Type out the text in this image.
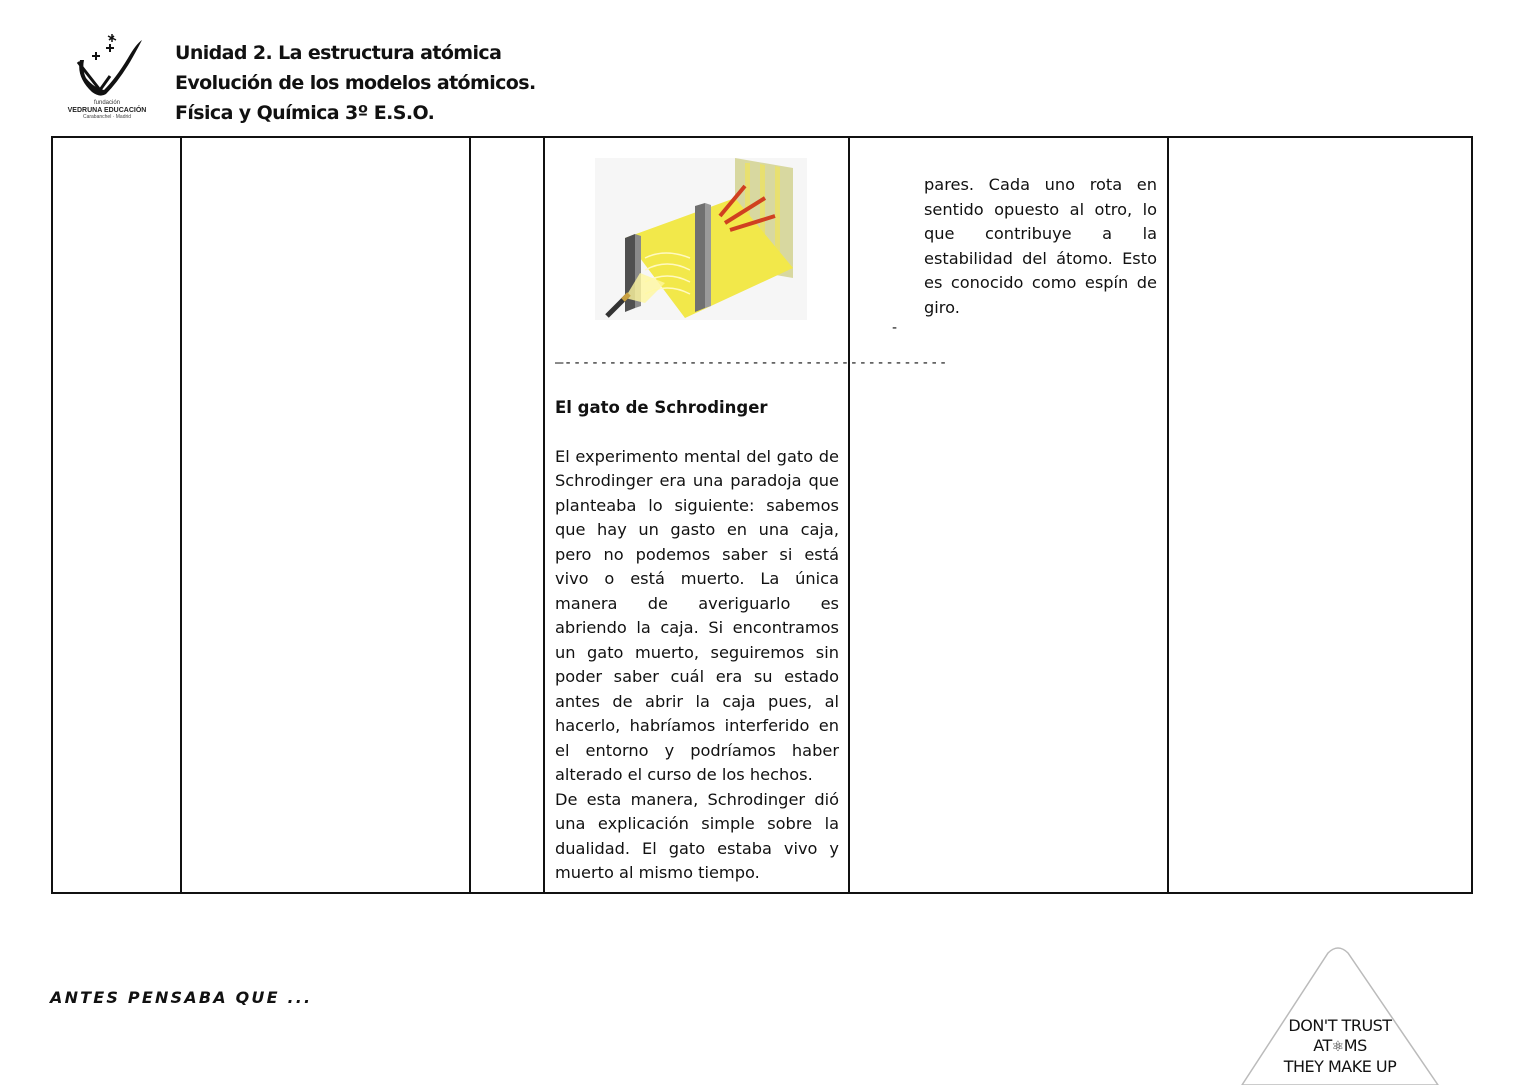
fundación
VEDRUNA EDUCACIÓN
Carabanchel · Madrid
Unidad 2. La estructura atómica
Evolución de los modelos atómicos.
Física y Química 3º E.S.O.
—-------------------------------------------
El gato de Schrodinger
El experimento mental del gato de Schrodinger era una paradoja que planteaba lo siguiente: sabemos que hay un gasto en una caja, pero no podemos saber si está vivo o está muerto. La única manera de averiguarlo es abriendo la caja. Si encontramos un gato muerto, seguiremos sin poder saber cuál era su estado antes de abrir la caja pues, al hacerlo, habríamos interferido en el entorno y podríamos haber alterado el curso de los hechos.
De esta manera, Schrodinger dió una explicación simple sobre la dualidad. El gato estaba vivo y muerto al mismo tiempo.
pares. Cada uno rota en sentido opuesto al otro, lo que contribuye a la estabilidad del átomo. Esto es conocido como espín de giro.
-
ANTES PENSABA QUE ...
DON'T TRUST
AT⚛MS
THEY MAKE UP
